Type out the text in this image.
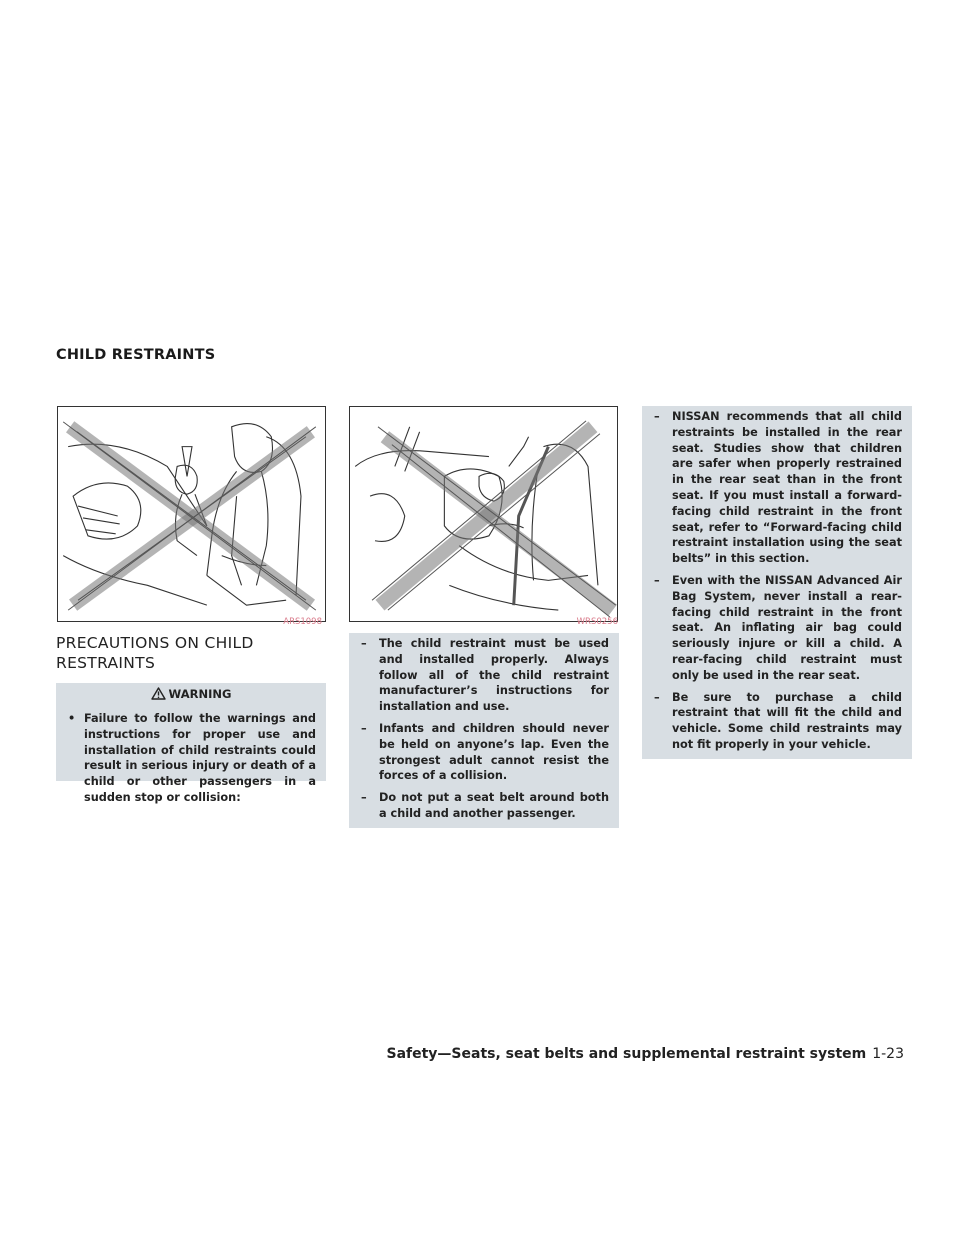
CHILD RESTRAINTS
ARS1098	WRS0256
PRECAUTIONS ON CHILD RESTRAINTS
WARNING
• Failure to follow the warnings and instructions for proper use and installation of child restraints could result in serious injury or death of a child or other passengers in a sudden stop or collision:
– The child restraint must be used and installed properly. Always follow all of the child restraint manufacturer’s instructions for installation and use.
– Infants and children should never be held on anyone’s lap. Even the strongest adult cannot resist the forces of a collision.
– Do not put a seat belt around both a child and another passenger.
– NISSAN recommends that all child restraints be installed in the rear seat. Studies show that children are safer when properly restrained in the rear seat than in the front seat. If you must install a forward-facing child restraint in the front seat, refer to “Forward-facing child restraint installation using the seat belts” in this section.
– Even with the NISSAN Advanced Air Bag System, never install a rear-facing child restraint in the front seat. An inflating air bag could seriously injure or kill a child. A rear-facing child restraint must only be used in the rear seat.
– Be sure to purchase a child restraint that will fit the child and vehicle. Some child restraints may not fit properly in your vehicle.
Safety—Seats, seat belts and supplemental restraint system 1-23
